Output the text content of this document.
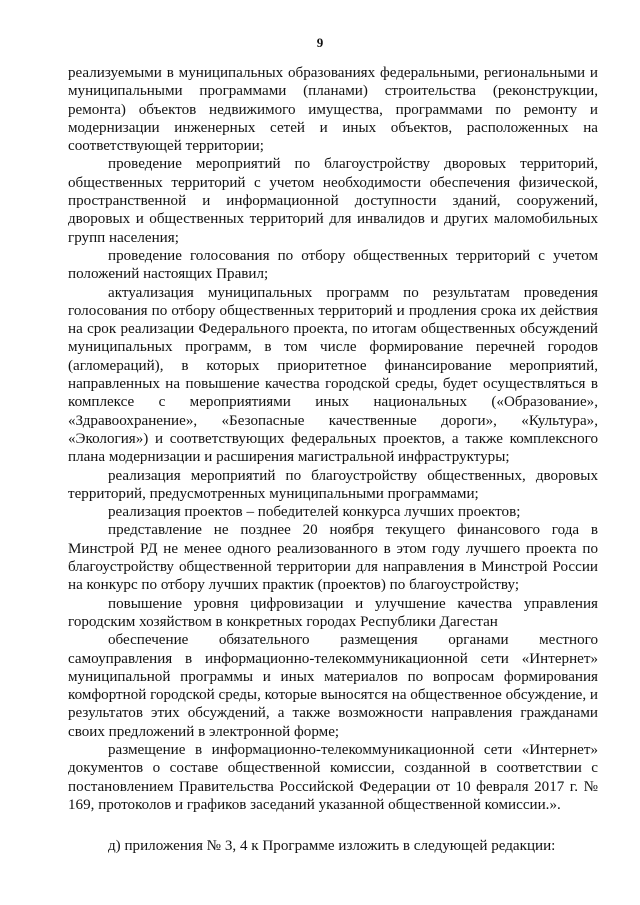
9

реализуемыми в муниципальных образованиях федеральными, региональными и муниципальными программами (планами) строительства (реконструкции, ремонта) объектов недвижимого имущества, программами по ремонту и модернизации инженерных сетей и иных объектов, расположенных на соответствующей территории;

проведение мероприятий по благоустройству дворовых территорий, общественных территорий с учетом необходимости обеспечения физической, пространственной и информационной доступности зданий, сооружений, дворовых и общественных территорий для инвалидов и других маломобильных групп населения;

проведение голосования по отбору общественных территорий с учетом положений настоящих Правил;

актуализация муниципальных программ по результатам проведения голосования по отбору общественных территорий и продления срока их действия на срок реализации Федерального проекта, по итогам общественных обсуждений муниципальных программ, в том числе формирование перечней городов (агломераций), в которых приоритетное финансирование мероприятий, направленных на повышение качества городской среды, будет осуществляться в комплексе с мероприятиями иных национальных («Образование», «Здравоохранение», «Безопасные качественные дороги», «Культура», «Экология») и соответствующих федеральных проектов, а также комплексного плана модернизации и расширения магистральной инфраструктуры;

реализация мероприятий по благоустройству общественных, дворовых территорий, предусмотренных муниципальными программами;

реализация проектов – победителей конкурса лучших проектов;

представление не позднее 20 ноября текущего финансового года в Минстрой РД не менее одного реализованного в этом году лучшего проекта по благоустройству общественной территории для направления в Минстрой России на конкурс по отбору лучших практик (проектов) по благоустройству;

повышение уровня цифровизации и улучшение качества управления городским хозяйством в конкретных городах Республики Дагестан

обеспечение обязательного размещения органами местного самоуправления в информационно-телекоммуникационной сети «Интернет» муниципальной программы и иных материалов по вопросам формирования комфортной городской среды, которые выносятся на общественное обсуждение, и результатов этих обсуждений, а также возможности направления гражданами своих предложений в электронной форме;

размещение в информационно-телекоммуникационной сети «Интернет» документов о составе общественной комиссии, созданной в соответствии с постановлением Правительства Российской Федерации от 10 февраля 2017 г. № 169, протоколов и графиков заседаний указанной общественной комиссии.».

д) приложения № 3, 4 к Программе изложить в следующей редакции:
